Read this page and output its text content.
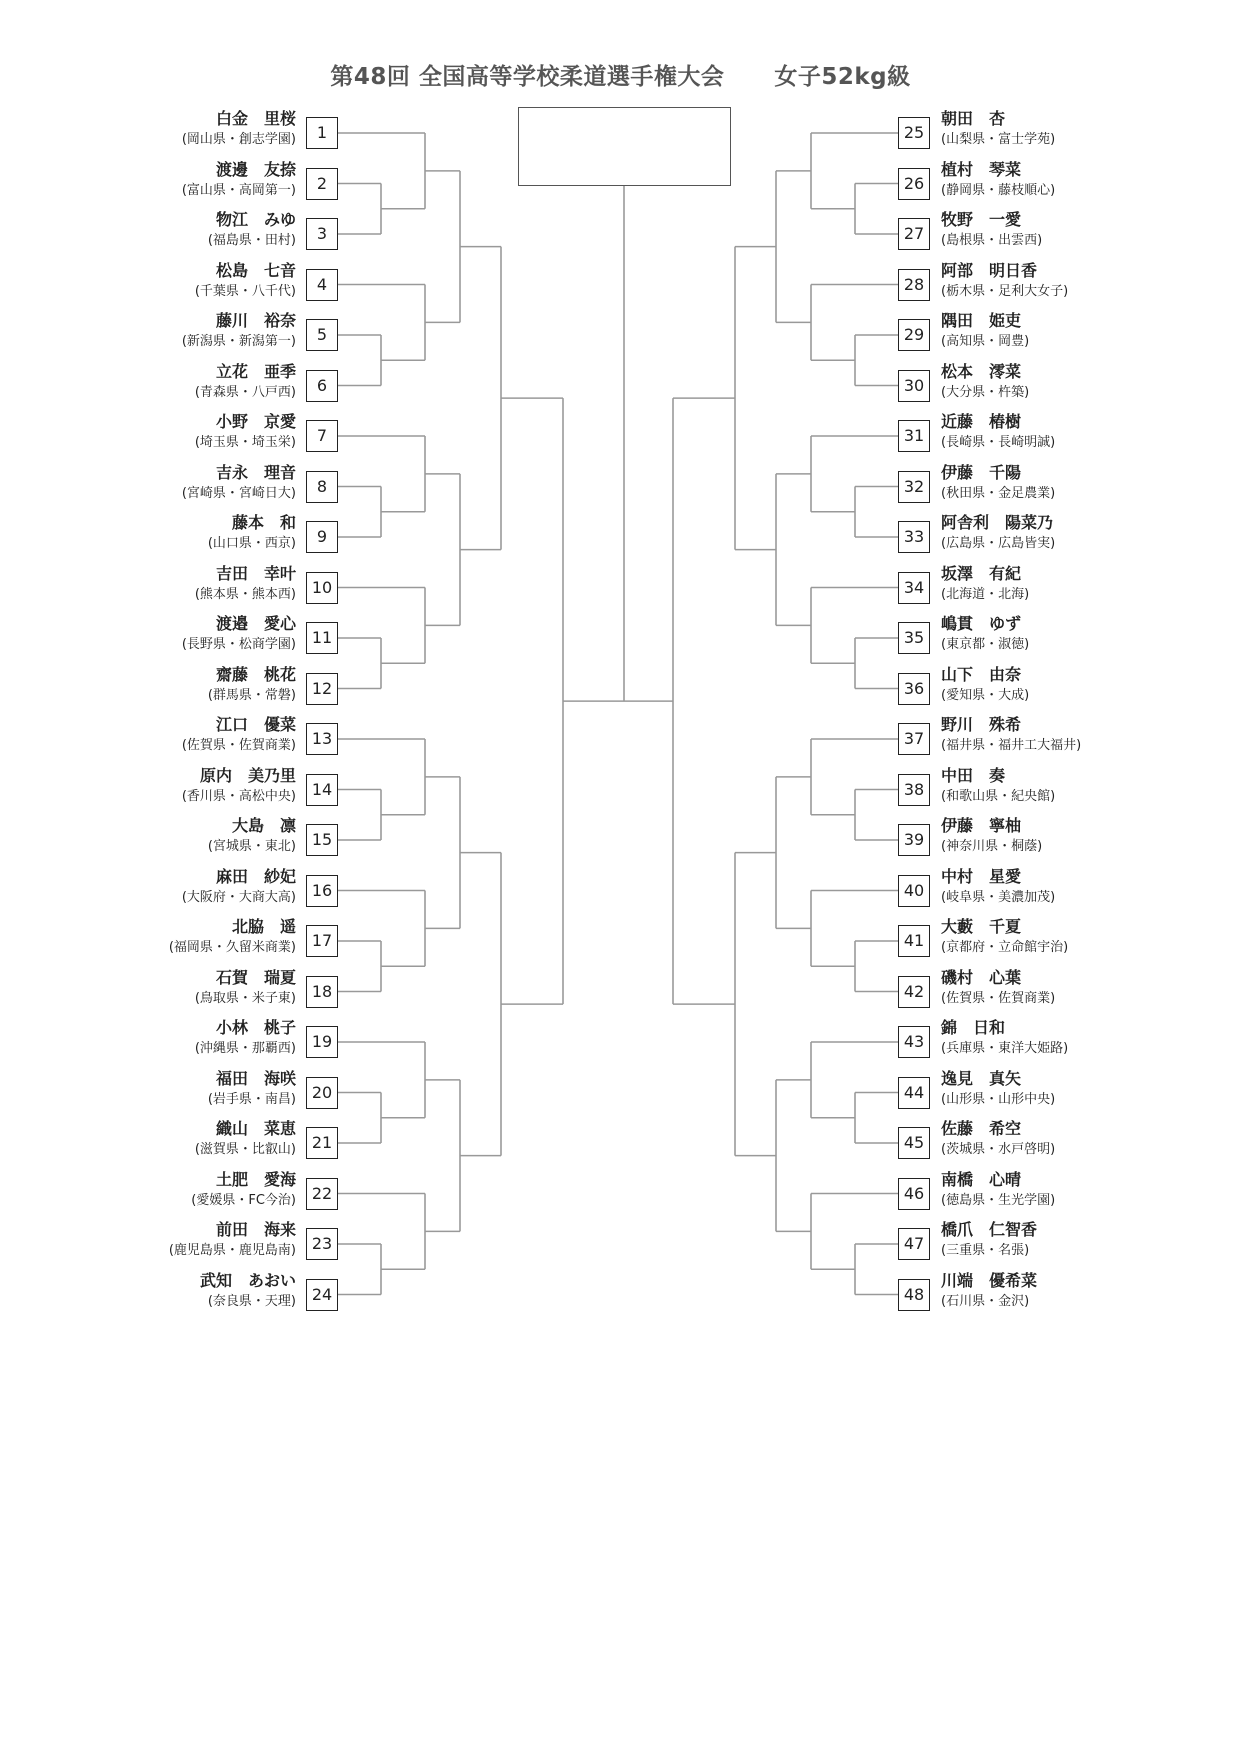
第48回 全国高等学校柔道選手権大会 女子52kg級
1
白金　里桜
(岡山県・創志学園)
2
渡邊　友捺
(富山県・高岡第一)
3
物江　みゆ
(福島県・田村)
4
松島　七音
(千葉県・八千代)
5
藤川　裕奈
(新潟県・新潟第一)
6
立花　亜季
(青森県・八戸西)
7
小野　京愛
(埼玉県・埼玉栄)
8
吉永　理音
(宮崎県・宮崎日大)
9
藤本　和
(山口県・西京)
10
吉田　幸叶
(熊本県・熊本西)
11
渡邉　愛心
(長野県・松商学園)
12
齋藤　桃花
(群馬県・常磐)
13
江口　優菜
(佐賀県・佐賀商業)
14
原内　美乃里
(香川県・高松中央)
15
大島　凛
(宮城県・東北)
16
麻田　紗妃
(大阪府・大商大高)
17
北脇　遥
(福岡県・久留米商業)
18
石賀　瑞夏
(鳥取県・米子東)
19
小林　桃子
(沖縄県・那覇西)
20
福田　海咲
(岩手県・南昌)
21
織山　菜恵
(滋賀県・比叡山)
22
土肥　愛海
(愛媛県・FC今治)
23
前田　海来
(鹿児島県・鹿児島南)
24
武知　あおい
(奈良県・天理)
25
朝田　杏
(山梨県・富士学苑)
26
植村　琴菜
(静岡県・藤枝順心)
27
牧野　一愛
(島根県・出雲西)
28
阿部　明日香
(栃木県・足利大女子)
29
隅田　姫吏
(高知県・岡豊)
30
松本　澪菜
(大分県・杵築)
31
近藤　椿樹
(長崎県・長崎明誠)
32
伊藤　千陽
(秋田県・金足農業)
33
阿舎利　陽菜乃
(広島県・広島皆実)
34
坂澤　有紀
(北海道・北海)
35
嶋貫　ゆず
(東京都・淑徳)
36
山下　由奈
(愛知県・大成)
37
野川　殊希
(福井県・福井工大福井)
38
中田　奏
(和歌山県・紀央館)
39
伊藤　寧柚
(神奈川県・桐蔭)
40
中村　星愛
(岐阜県・美濃加茂)
41
大藪　千夏
(京都府・立命館宇治)
42
磯村　心葉
(佐賀県・佐賀商業)
43
錦　日和
(兵庫県・東洋大姫路)
44
逸見　真矢
(山形県・山形中央)
45
佐藤　希空
(茨城県・水戸啓明)
46
南橋　心晴
(徳島県・生光学園)
47
橋爪　仁智香
(三重県・名張)
48
川端　優希菜
(石川県・金沢)
